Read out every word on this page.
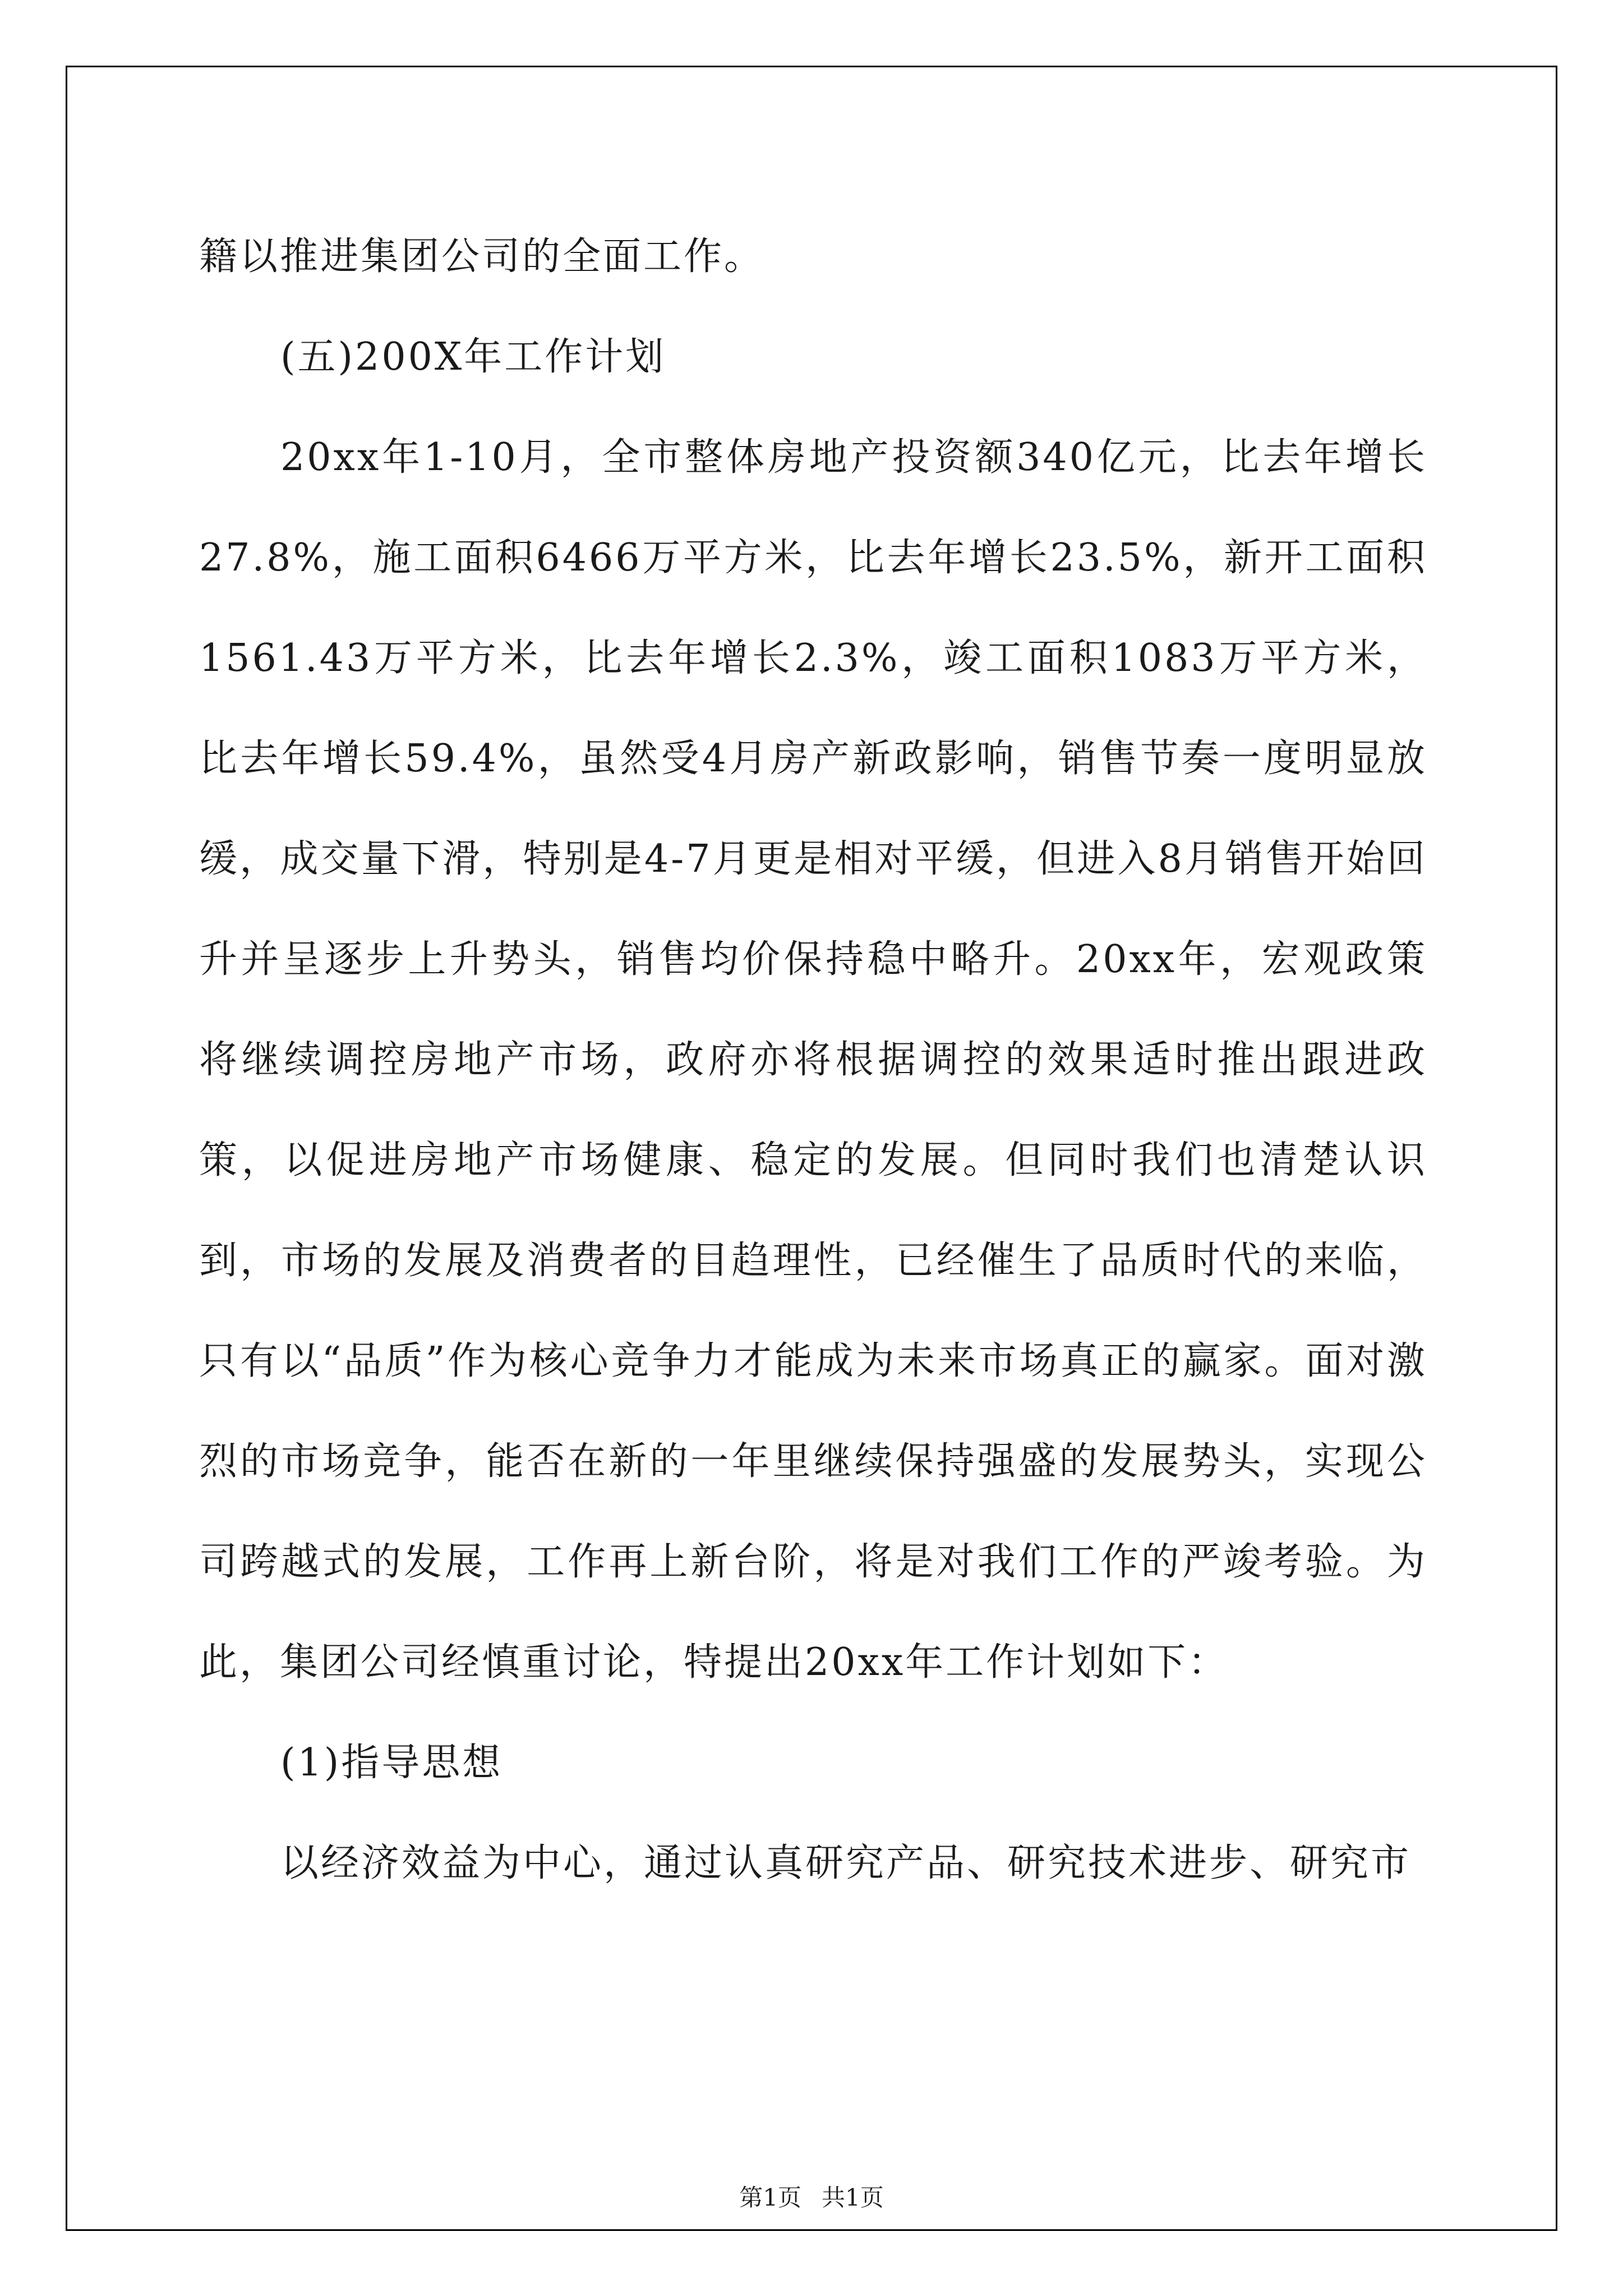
籍以推进集团公司的全面工作。

(五)200X年工作计划

20xx年1-10月，全市整体房地产投资额340亿元，比去年增长27.8%，施工面积6466万平方米，比去年增长23.5%，新开工面积1561.43万平方米，比去年增长2.3%，竣工面积1083万平方米，比去年增长59.4%，虽然受4月房产新政影响，销售节奏一度明显放缓，成交量下滑，特别是4-7月更是相对平缓，但进入8月销售开始回升并呈逐步上升势头，销售均价保持稳中略升。20xx年，宏观政策将继续调控房地产市场，政府亦将根据调控的效果适时推出跟进政策，以促进房地产市场健康、稳定的发展。但同时我们也清楚认识到，市场的发展及消费者的目趋理性，已经催生了品质时代的来临，只有以“品质”作为核心竞争力才能成为未来市场真正的赢家。面对激烈的市场竞争，能否在新的一年里继续保持强盛的发展势头，实现公司跨越式的发展，工作再上新台阶，将是对我们工作的严竣考验。为此，集团公司经慎重讨论，特提出20xx年工作计划如下：

(1)指导思想

以经济效益为中心，通过认真研究产品、研究技术进步、研究市

第1页 共1页
